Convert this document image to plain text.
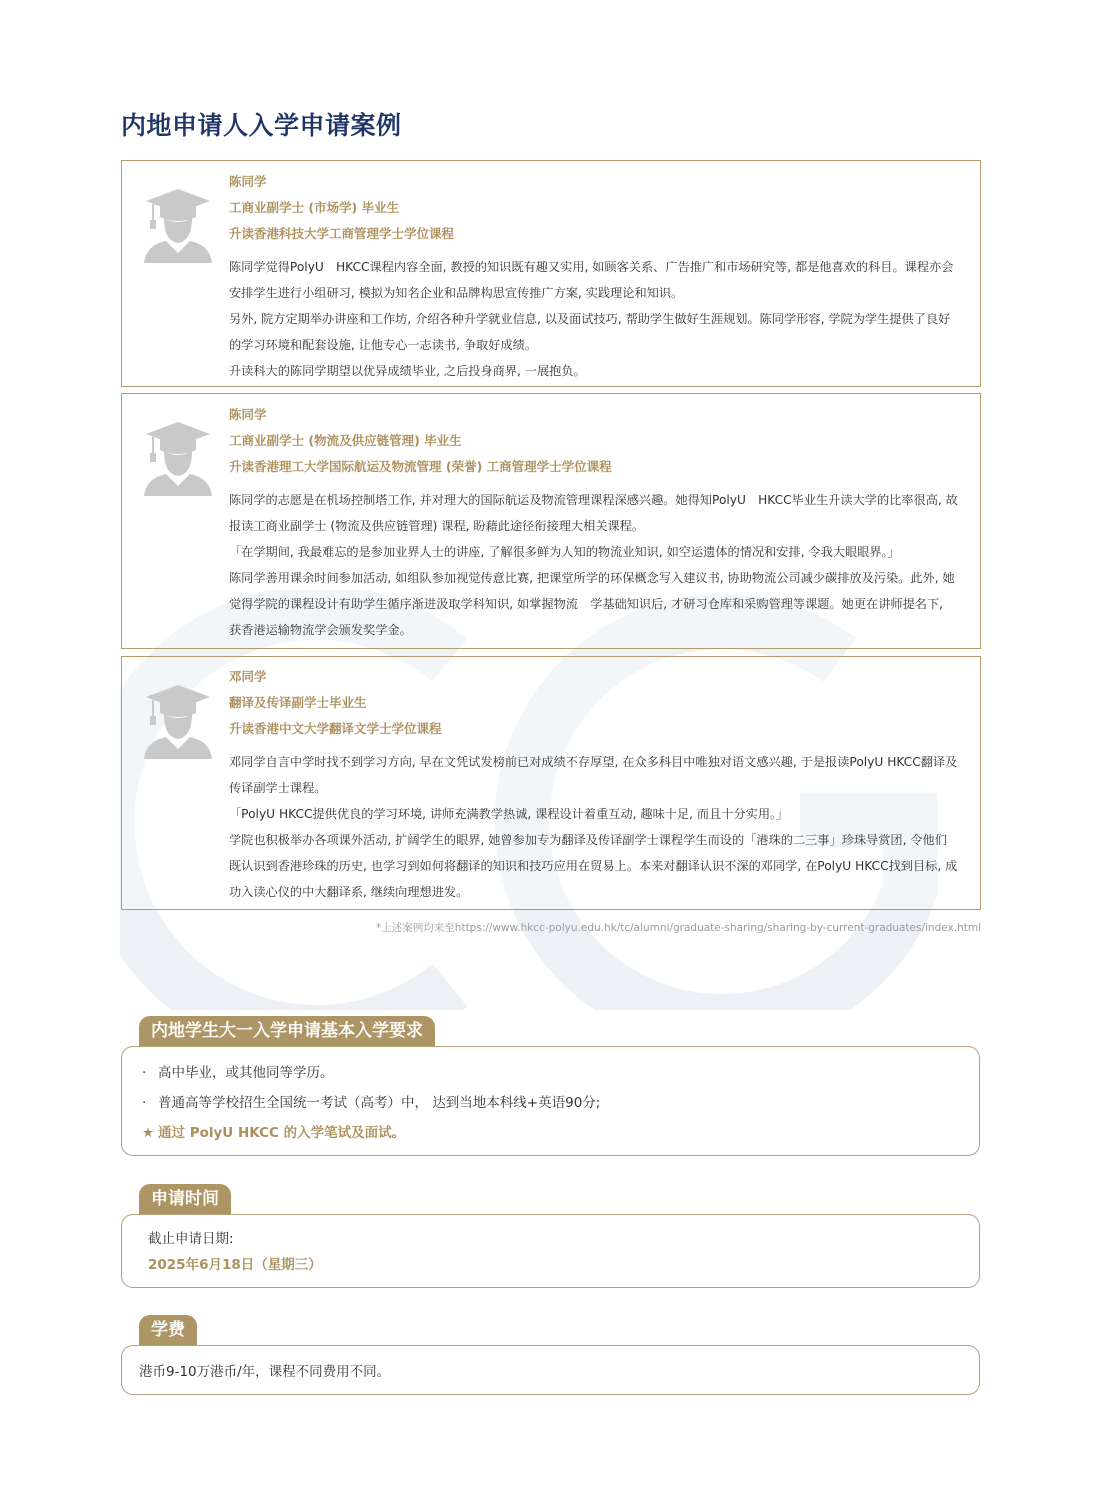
内地申请人入学申请案例
陈同学
工商业副学士 (市场学) 毕业生
升读香港科技大学工商管理学士学位课程

陈同学觉得PolyU　HKCC课程内容全面, 教授的知识既有趣又实用, 如顾客关系、广告推广和市场研究等, 都是他喜欢的科目。课程亦会安排学生进行小组研习, 模拟为知名企业和品牌构思宣传推广方案, 实践理论和知识。

另外, 院方定期举办讲座和工作坊, 介绍各种升学就业信息, 以及面试技巧, 帮助学生做好生涯规划。陈同学形容, 学院为学生提供了良好的学习环境和配套设施, 让他专心一志读书, 争取好成绩。

升读科大的陈同学期望以优异成绩毕业, 之后投身商界, 一展抱负。

陈同学
工商业副学士 (物流及供应链管理) 毕业生
升读香港理工大学国际航运及物流管理 (荣誉) 工商管理学士学位课程

陈同学的志愿是在机场控制塔工作, 并对理大的国际航运及物流管理课程深感兴趣。她得知PolyU　HKCC毕业生升读大学的比率很高, 故报读工商业副学士 (物流及供应链管理) 课程, 盼藉此途径衔接理大相关课程。

「在学期间, 我最难忘的是参加业界人士的讲座, 了解很多鲜为人知的物流业知识, 如空运遗体的情况和安排, 令我大眼眼界。」

陈同学善用课余时间参加活动, 如组队参加视觉传意比赛, 把课堂所学的环保概念写入建议书, 协助物流公司减少碳排放及污染。此外, 她觉得学院的课程设计有助学生循序渐进汲取学科知识, 如掌握物流　学基础知识后, 才研习仓库和采购管理等课题。她更在讲师提名下, 获香港运输物流学会颁发奖学金。

邓同学
翻译及传译副学士毕业生
升读香港中文大学翻译文学士学位课程

邓同学自言中学时找不到学习方向, 早在文凭试发榜前已对成绩不存厚望, 在众多科目中唯独对语文感兴趣, 于是报读PolyU HKCC翻译及传译副学士课程。

「PolyU HKCC提供优良的学习环境, 讲师充满教学热诚, 课程设计着重互动, 趣味十足, 而且十分实用。」

学院也积极举办各项课外活动, 扩阔学生的眼界, 她曾参加专为翻译及传译副学士课程学生而设的「港珠的二三事」珍珠导赏团, 令他们既认识到香港珍珠的历史, 也学习到如何将翻译的知识和技巧应用在贸易上。本来对翻译认识不深的邓同学, 在PolyU HKCC找到目标, 成功入读心仪的中大翻译系, 继续向理想进发。

*上述案例均来至https://www.hkcc-polyu.edu.hk/tc/alumni/graduate-sharing/sharing-by-current-graduates/index.html
内地学生大一入学申请基本入学要求
· 高中毕业，或其他同等学历。
· 普通高等学校招生全国统一考试（高考）中， 达到当地本科线+英语90分;
★ 通过 PolyU HKCC 的入学笔试及面试。
申请时间
截止申请日期:
2025年6月18日（星期三）
学费
港币9-10万港币/年，课程不同费用不同。
